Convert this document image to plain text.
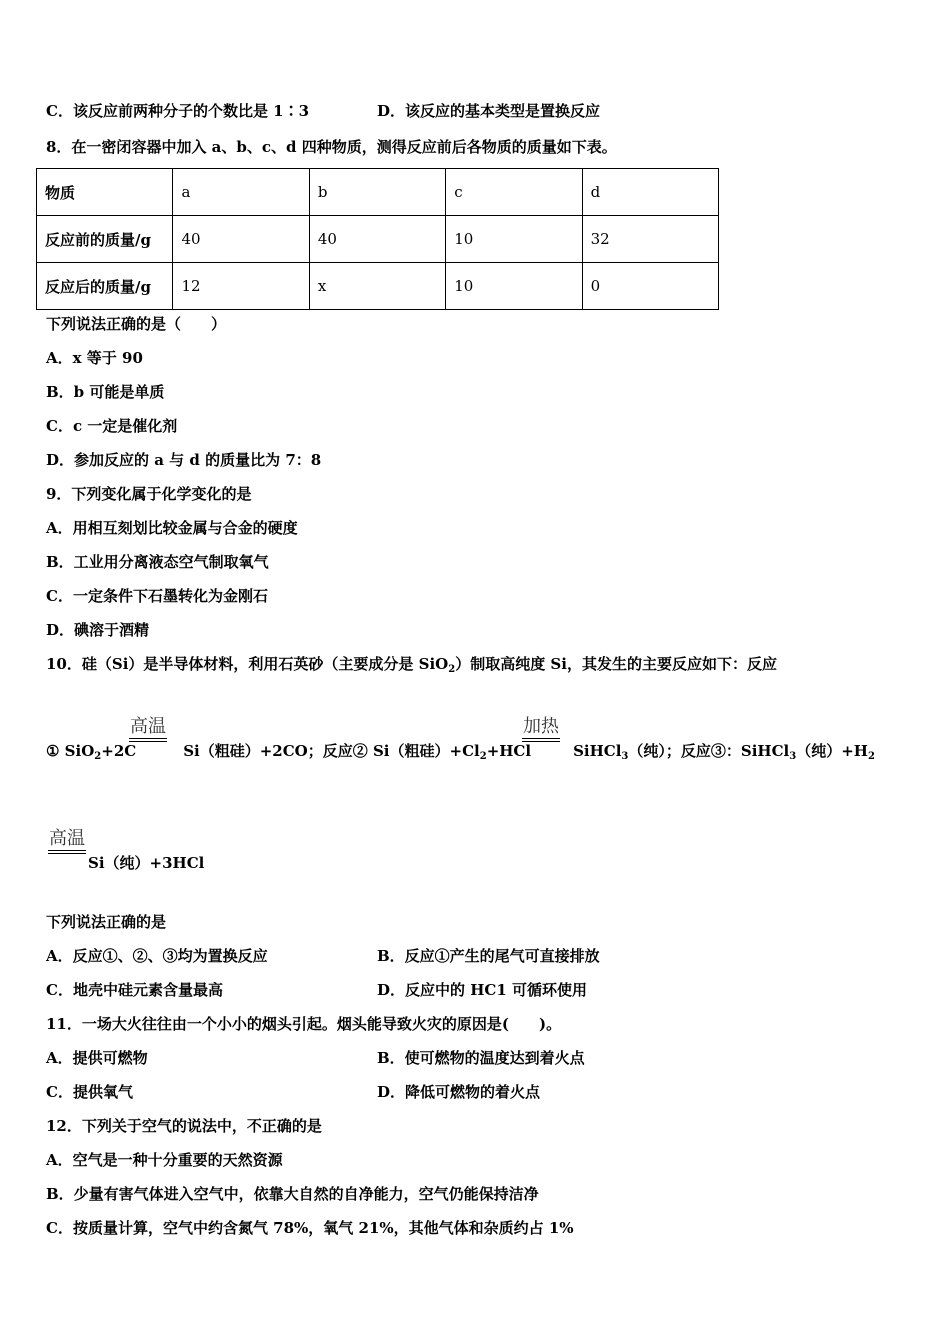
C．该反应前两种分子的个数比是 1∶3	D．该反应的基本类型是置换反应
8．在一密闭容器中加入 a、b、c、d 四种物质，测得反应前后各物质的质量如下表。
物质	a	b	c	d
反应前的质量/g	40	40	10	32
反应后的质量/g	12	x	10	0
下列说法正确的是（　　）
A．x 等于 90
B．b 可能是单质
C．c 一定是催化剂
D．参加反应的 a 与 d 的质量比为 7：8
9．下列变化属于化学变化的是
A．用相互刻划比较金属与合金的硬度
B．工业用分离液态空气制取氧气
C．一定条件下石墨转化为金刚石
D．碘溶于酒精
10．硅（Si）是半导体材料，利用石英砂（主要成分是 SiO$_2$）制取高纯度 Si，其发生的主要反应如下：反应
高温	加热
① SiO$_2$+2C	Si（粗硅）+2CO；反应② Si（粗硅）$+Cl_2+HCl$	SiHCl$_3$（纯）；反应③：SiHCl$_3$（纯）$+H_2$
高温
Si（纯）+3HCl
下列说法正确的是
A．反应①、②、③均为置换反应	B．反应①产生的尾气可直接排放
C．地壳中硅元素含量最高	D．反应中的 HC1 可循环使用
11．一场大火往往由一个小小的烟头引起。烟头能导致火灾的原因是(　　)。
A．提供可燃物	B．使可燃物的温度达到着火点
C．提供氧气	D．降低可燃物的着火点
12．下列关于空气的说法中，不正确的是
A．空气是一种十分重要的天然资源
B．少量有害气体进入空气中，依靠大自然的自净能力，空气仍能保持洁净
C．按质量计算，空气中约含氮气 78%，氧气 21%，其他气体和杂质约占 1%
